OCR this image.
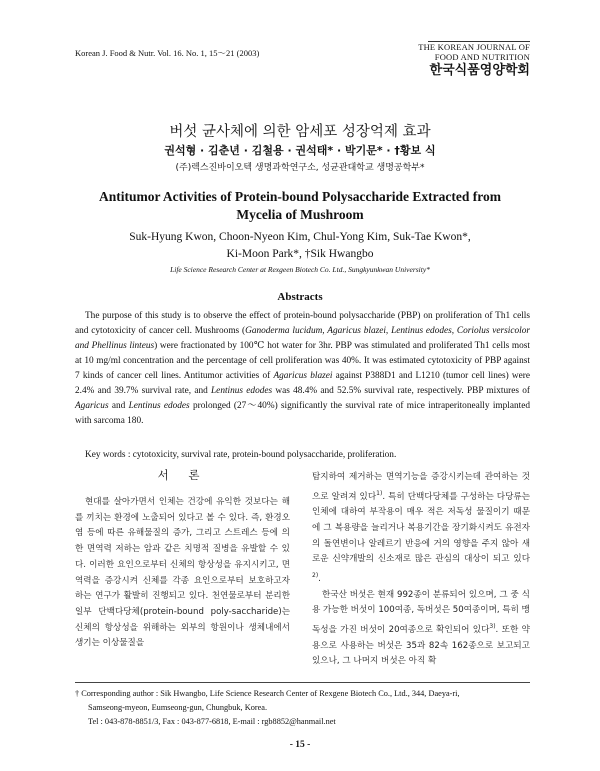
Korean J. Food & Nutr. Vol. 16. No. 1, 15～21 (2003)
THE KOREAN JOURNAL OF
FOOD AND NUTRITION
한국식품영양학회
버섯 균사체에 의한 암세포 성장억제 효과
권석형 · 김춘년 · 김철용 · 권석태* · 박기문* · †황보 식
(주)렉스진바이오텍 생명과학연구소, 성균관대학교 생명공학부*
Antitumor Activities of Protein-bound Polysaccharide Extracted from
Mycelia of Mushroom
Suk-Hyung Kwon, Choon-Nyeon Kim, Chul-Yong Kim, Suk-Tae Kwon*,
Ki-Moon Park*, †Sik Hwangbo
Life Science Research Center at Rexgeen Biotech Co. Ltd., Sungkyunkwan University*
Abstracts
The purpose of this study is to observe the effect of protein-bound polysaccharide (PBP) on proliferation of Th1 cells and cytotoxicity of cancer cell. Mushrooms (Ganoderma lucidum, Agaricus blazei, Lentinus edodes, Coriolus versicolor and Phellinus linteus) were fractionated by 100℃ hot water for 3hr. PBP was stimulated and proliferated Th1 cells most at 10 mg/ml concentration and the percentage of cell proliferation was 40%. It was estimated cytotoxicity of PBP against 7 kinds of cancer cell lines. Antitumor activities of Agaricus blazei against P388D1 and L1210 (tumor cell lines) were 2.4% and 39.7% survival rate, and Lentinus edodes was 48.4% and 52.5% survival rate, respectively. PBP mixtures of Agaricus and Lentinus edodes prolonged (27～40%) significantly the survival rate of mice intraperitoneally implanted with sarcoma 180.
Key words : cytotoxicity, survival rate, protein-bound polysaccharide, proliferation.
서 론

현대를 살아가면서 인체는 건강에 유익한 것보다는 해를 끼치는 환경에 노출되어 있다고 볼 수 있다. 즉, 환경오염 등에 따른 유해물질의 증가, 그리고 스트레스 등에 의한 면역력 저하는 암과 같은 치명적 질병을 유발할 수 있다. 이러한 요인으로부터 신체의 항상성을 유지시키고, 면역력을 증강시켜 신체를 각종 요인으로부터 보호하고자 하는 연구가 활발히 진행되고 있다. 천연물로부터 분리한 일부 단백다당체(protein-bound poly-saccharide)는 신체의 항상성을 위해하는 외부의 항원이나 생체내에서 생기는 이상물질을

탐지하여 제거하는 면역기능을 증강시키는데 관여하는 것으로 알려져 있다$^{1)}$. 특히 단백다당체를 구성하는 다당류는 인체에 대하여 부작용이 매우 적은 저독성 물질이기 때문에 그 복용량을 늘리거나 복용기간을 장기화시켜도 유전자의 돌연변이나 알레르기 반응에 거의 영향을 주지 않아 새로운 신약개발의 신소재로 많은 관심의 대상이 되고 있다$^{2)}$.

한국산 버섯은 현재 992종이 분류되어 있으며, 그 중 식용 가능한 버섯이 100여종, 독버섯은 50여종이며, 특히 맹독성을 가진 버섯이 20여종으로 확인되어 있다$^{3)}$. 또한 약용으로 사용하는 버섯은 35과 82속 162종으로 보고되고 있으나, 그 나머지 버섯은 아직 확

† Corresponding author : Sik Hwangbo, Life Science Research Center of Rexgene Biotech Co., Ltd., 344, Daeya-ri,

Samseong-myeon, Eumseong-gun, Chungbuk, Korea.

Tel : 043-878-8851/3, Fax : 043-877-6818, E-mail : rgb8852@hanmail.net

- 15 -
